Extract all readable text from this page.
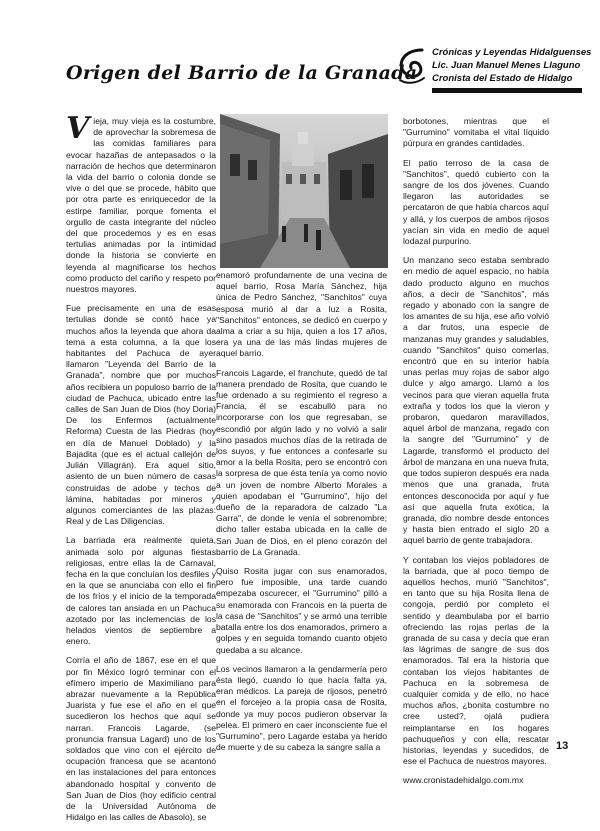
Origen del Barrio de la Granada
Crónicas y Leyendas Hidalguenses
Lic. Juan Manuel Menes Llaguno
Cronista del Estado de Hidalgo

V ieja, muy vieja es la costumbre, de aprovechar la sobremesa de las comidas familiares para evocar hazañas de antepasados o la narración de hechos que determinaron la vida del barrio o colonia donde se vive o del que se procede, hábito que por otra parte es enriquecedor de la estirpe familiar, porque fomenta el orgullo de casta integrante del núcleo del que procedemos y es en esas tertulias animadas por la intimidad donde la historia se convierte en leyenda al magnificarse los hechos como producto del cariño y respeto por nuestros mayores.

Fue precisamente en una de esas tertulias donde se contó hace ya muchos años la leyenda que ahora da tema a esta columna, a la que los habitantes del Pachuca de ayer llamaron "Leyenda del Barrio de la Granada", nombre que por muchos años recibiera un populoso barrio de la ciudad de Pachuca, ubicado entre las calles de San Juan de Dios (hoy Doria) De los Enfermos (actualmente Reforma) Cuesta de las Piedras (hoy en día de Manuel Doblado) y la Bajadita (que es el actual callejón de Julián Villagrán). Era aquel sitio, asiento de un buen número de casas construidas de adobe y techos de lámina, habitadas por mineros y algunos comerciantes de las plazas: Real y de Las Diligencias.

La barriada era realmente quieta, animada solo por algunas fiestas religiosas, entre ellas la de Carnaval, fecha en la que concluían los desfiles y en la que se anunciaba con ello el fin de los fríos y el inicio de la temporada de calores tan ansiada en un Pachuca azotado por las inclemencias de los helados vientos de septiembre a enero.

Corría el año de 1867, ese en el que por fin México logró terminar con el efímero imperio de Maximiliano para abrazar nuevamente a la República Juarista y fue ese el año en el que sucedieron los hechos que aquí se narran. Francois Lagarde, (se pronuncia fransua Lagard) uno de los soldados que vino con el ejército de ocupación francesa que se acantonó en las instalaciones del para entonces abandonado hospital y convento de San Juan de Dios (hoy edificio central de la Universidad Autónoma de Hidalgo en las calles de Abasolo), se

enamoró profundamente de una vecina de aquel barrio, Rosa María Sánchez, hija única de Pedro Sánchez, "Sanchitos" cuya esposa murió al dar a luz a Rosita, "Sanchitos" entonces, se dedicó en cuerpo y alma a criar a su hija, quien a los 17 años, era ya una de las más lindas mujeres de aquel barrio.

Francois Lagarde, el franchute, quedó de tal manera prendado de Rosita, que cuando le fue ordenado a su regimiento el regreso a Francia, él se escabulló para no incorporarse con los que regresaban, se escondió por algún lado y no volvió a salir sino pasados muchos días de la retirada de los suyos, y fue entonces a confesarle su amor a la bella Rosita, pero se encontró con la sorpresa de que ésta tenía ya como novio a un joven de nombre Alberto Morales a quien apodaban el "Gurrumino", hijo del dueño de la reparadora de calzado "La Garra", de donde le venía el sobrenombre; dicho taller estaba ubicada en la calle de San Juan de Dios, en el pleno corazón del barrio de La Granada.

Quiso Rosita jugar con sus enamorados, pero fue imposible, una tarde cuando empezaba oscurecer, el "Gurrumino" pilló a su enamorada con Francois en la puerta de la casa de "Sanchitos" y se armó una terrible batalla entre los dos enamorados, primero a golpes y en seguida tomando cuanto objeto quedaba a su alcance.

Los vecinos llamaron a la gendarmería pero ésta llegó, cuando lo que hacía falta ya, eran médicos. La pareja de rijosos, penetró en el forcejeo a la propia casa de Rosita, donde ya muy pocos pudieron observar la pelea. El primero en caer inconsciente fue el "Gurrumino", pero Lagarde estaba ya herido de muerte y de su cabeza la sangre salía a

borbotones, mientras que el "Gurrumino" vomitaba el vital líquido púrpura en grandes cantidades.

El patio terroso de la casa de "Sanchitos", quedó cubierto con la sangre de los dos jóvenes. Cuando llegaron las autoridades se percataron de que había charcos aquí y allá, y los cuerpos de ambos rijosos yacían sin vida en medio de aquel lodazal purpurino.

Un manzano seco estaba sembrado en medio de aquel espacio, no había dado producto alguno en muchos años, a decir de "Sanchitos", más regado y abonado con la sangre de los amantes de su hija, ese año volvió a dar frutos, una especie de manzanas muy grandes y saludables, cuando "Sanchitos" quiso comerlas, encontró que en su interior había unas perlas muy rojas de sabor algo dulce y algo amargo. Llamó a los vecinos para que vieran aquella fruta extraña y todos los que la vieron y probaron, quedaron maravillados, aquel árbol de manzana, regado con la sangre del "Gurrumino" y de Lagarde, transformó el producto del árbol de manzana en una nueva fruta, que todos supieron después era nada menos que una granada, fruta entonces desconocida por aquí y fue así que aquella fruta exótica, la granada, dio nombre desde entonces y hasta bien entrado el siglo 20 a aquel barrio de gente trabajadora.

Y contaban los viejos pobladores de la barriada, que al poco tiempo de aquellos hechos, murió "Sanchitos", en tanto que su hija Rosita llena de congoja, perdió por completo el sentido y deambulaba por el barrio ofreciendo las rojas perlas de la granada de su casa y decía que eran las lágrimas de sangre de sus dos enamorados. Tal era la historia que contaban los viejos habitantes de Pachuca en la sobremesa de cualquier comida y de ello, no hace muchos años, ¿bonita costumbre no cree usted?, ojalá pudiera reimplantarse en los hogares pachuqueños y con ella, rescatar historias, leyendas y sucedidos, de ese el Pachuca de nuestros mayores.

www.cronistadehidalgo.com.mx
13
